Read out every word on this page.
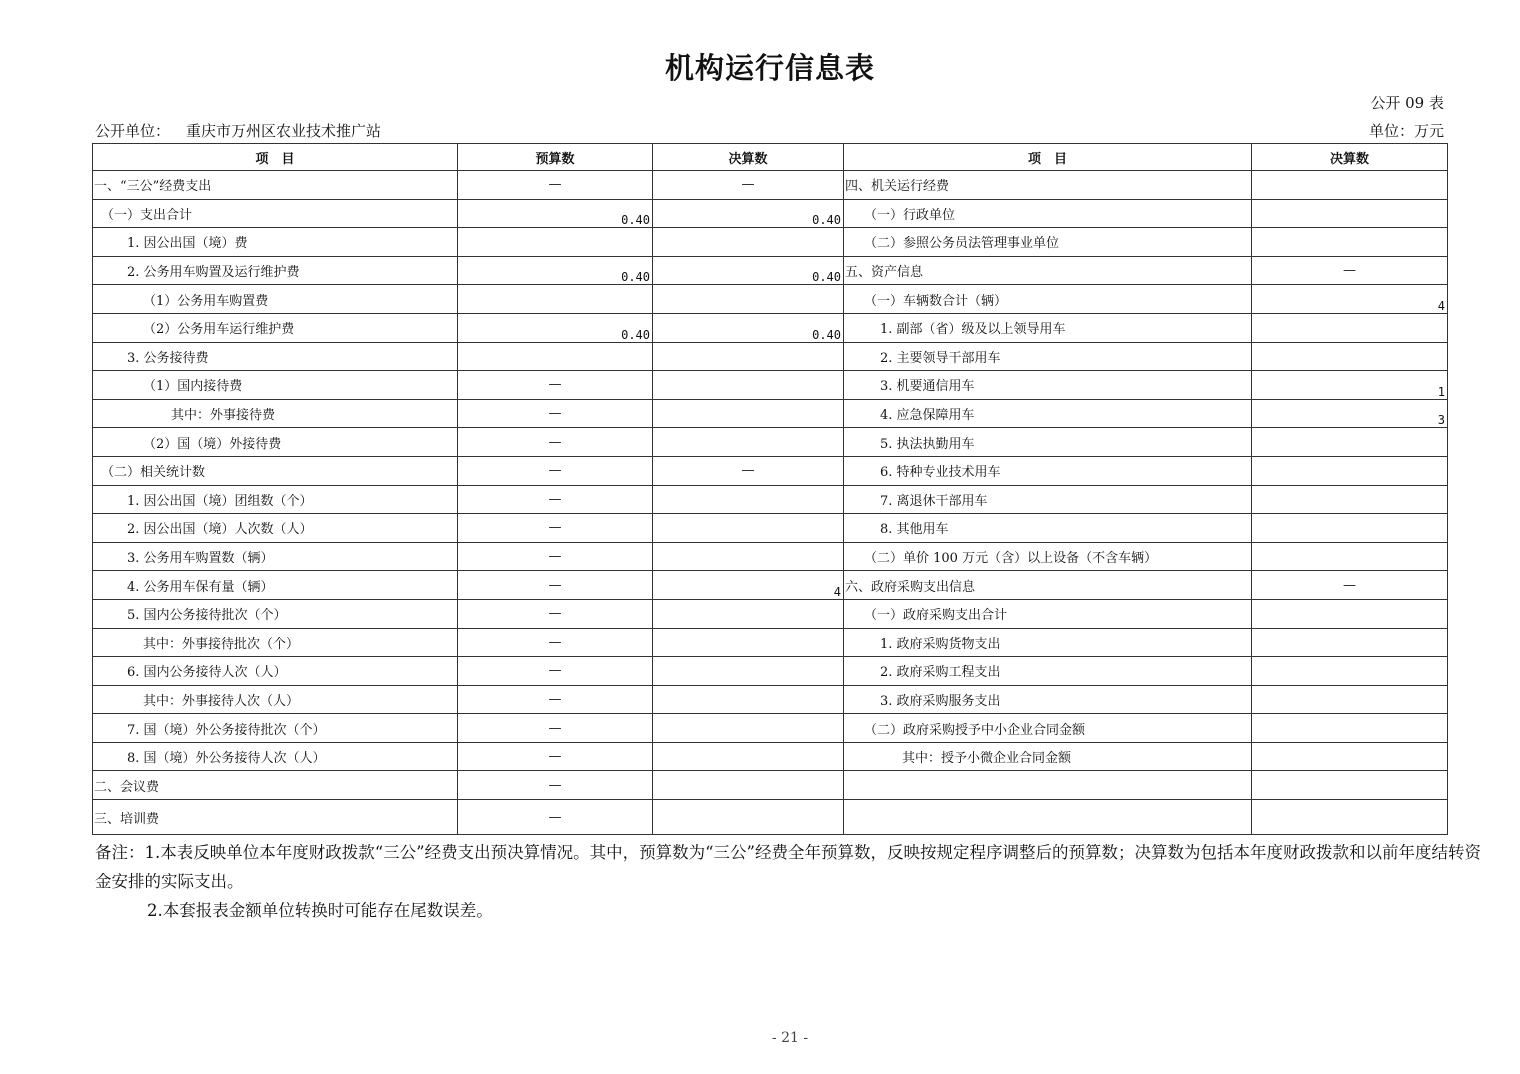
机构运行信息表
公开 09 表
公开单位： 重庆市万州区农业技术推广站	单位：万元
项　目	预算数	决算数	项　目	决算数
一、“三公”经费支出	—	—	四、机关运行经费	
（一）支出合计	0.40	0.40	（一）行政单位	
1. 因公出国（境）费			（二）参照公务员法管理事业单位	
2. 公务用车购置及运行维护费	0.40	0.40	五、资产信息	—
（1）公务用车购置费			（一）车辆数合计（辆）	4
（2）公务用车运行维护费	0.40	0.40	1. 副部（省）级及以上领导用车	
3. 公务接待费			2. 主要领导干部用车	
（1）国内接待费	—		3. 机要通信用车	1
其中：外事接待费	—		4. 应急保障用车	3
（2）国（境）外接待费	—		5. 执法执勤用车	
（二）相关统计数	—	—	6. 特种专业技术用车	
1. 因公出国（境）团组数（个）	—		7. 离退休干部用车	
2. 因公出国（境）人次数（人）	—		8. 其他用车	
3. 公务用车购置数（辆）	—		（二）单价 100 万元（含）以上设备（不含车辆）	
4. 公务用车保有量（辆）	—	4	六、政府采购支出信息	—
5. 国内公务接待批次（个）	—		（一）政府采购支出合计	
其中：外事接待批次（个）	—		1. 政府采购货物支出	
6. 国内公务接待人次（人）	—		2. 政府采购工程支出	
其中：外事接待人次（人）	—		3. 政府采购服务支出	
7. 国（境）外公务接待批次（个）	—		（二）政府采购授予中小企业合同金额	
8. 国（境）外公务接待人次（人）	—		其中：授予小微企业合同金额	
二、会议费	—			
三、培训费	—			
备注：1.本表反映单位本年度财政拨款“三公”经费支出预决算情况。其中，预算数为“三公”经费全年预算数，反映按规定程序调整后的预算数；决算数为包括本年度财政拨款和以前年度结转资金安排的实际支出。
2.本套报表金额单位转换时可能存在尾数误差。
- 21 -
